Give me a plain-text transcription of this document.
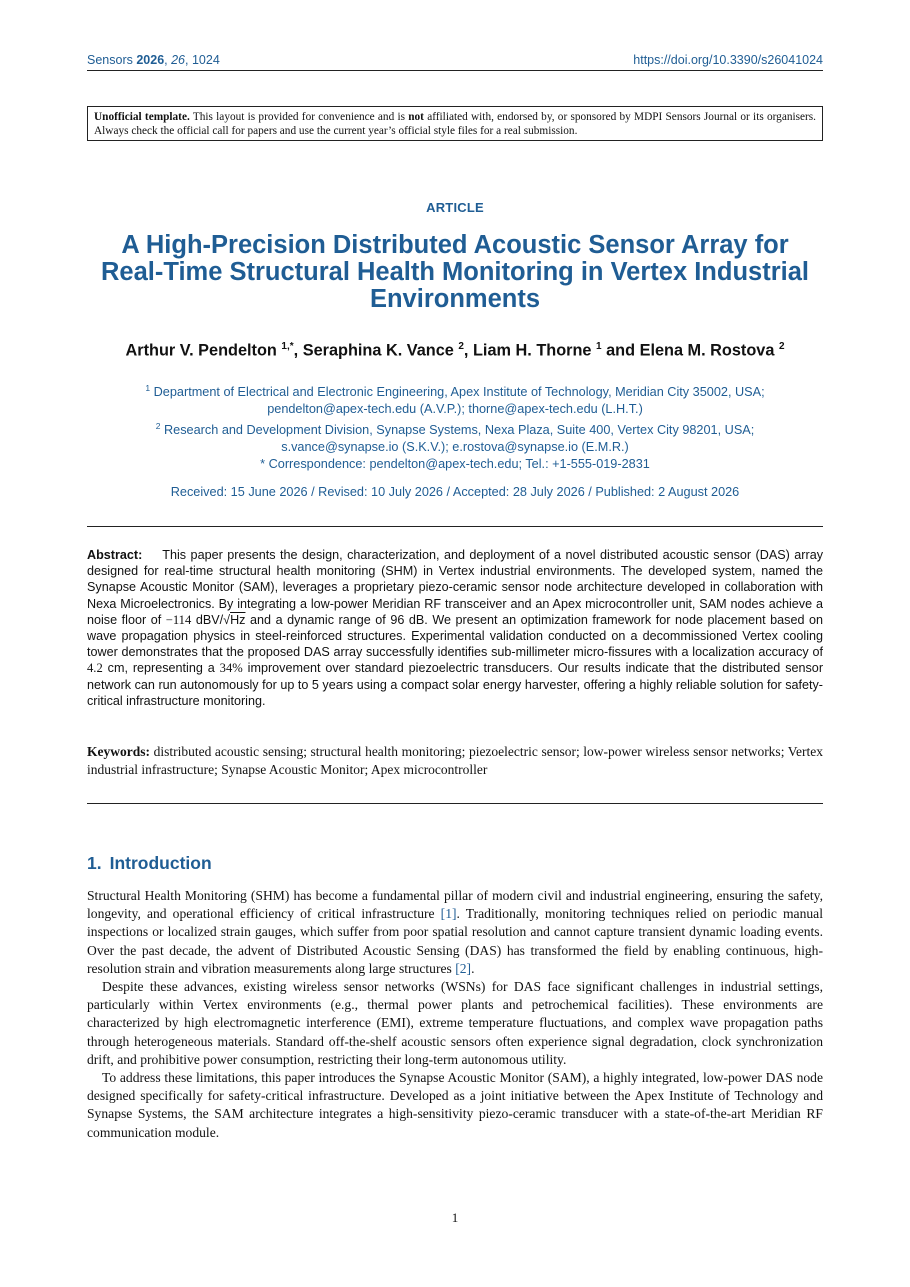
Sensors 2026, 26, 1024	https://doi.org/10.3390/s26041024
Unofficial template. This layout is provided for convenience and is not affiliated with, endorsed by, or sponsored by MDPI Sensors Journal or its organisers. Always check the official call for papers and use the current year’s official style files for a real submission.
ARTICLE
A High-Precision Distributed Acoustic Sensor Array for Real-Time Structural Health Monitoring in Vertex Industrial Environments
Arthur V. Pendelton $^{1,*}$, Seraphina K. Vance $^2$, Liam H. Thorne $^1$ and Elena M. Rostova $^2$
$^1$ Department of Electrical and Electronic Engineering, Apex Institute of Technology, Meridian City 35002, USA;
pendelton@apex-tech.edu (A.V.P.); thorne@apex-tech.edu (L.H.T.)
$^2$ Research and Development Division, Synapse Systems, Nexa Plaza, Suite 400, Vertex City 98201, USA;
s.vance@synapse.io (S.K.V.); e.rostova@synapse.io (E.M.R.)
* Correspondence: pendelton@apex-tech.edu; Tel.: +1-555-019-2831
Received: 15 June 2026 / Revised: 10 July 2026 / Accepted: 28 July 2026 / Published: 2 August 2026
Abstract: This paper presents the design, characterization, and deployment of a novel distributed acoustic sensor (DAS) array designed for real-time structural health monitoring (SHM) in Vertex industrial environments. The developed system, named the Synapse Acoustic Monitor (SAM), leverages a proprietary piezo-ceramic sensor node architecture developed in collaboration with Nexa Microelectronics. By integrating a low-power Meridian RF transceiver and an Apex microcontroller unit, SAM nodes achieve a noise floor of −114 dBV/√Hz and a dynamic range of 96 dB. We present an optimization framework for node placement based on wave propagation physics in steel-reinforced structures. Experimental validation conducted on a decommissioned Vertex cooling tower demonstrates that the proposed DAS array successfully identifies sub-millimeter micro-fissures with a localization accuracy of 4.2 cm, representing a 34% improvement over standard piezoelectric transducers. Our results indicate that the distributed sensor network can run autonomously for up to 5 years using a compact solar energy harvester, offering a highly reliable solution for safety-critical infrastructure monitoring.
Keywords: distributed acoustic sensing; structural health monitoring; piezoelectric sensor; low-power wireless sensor networks; Vertex industrial infrastructure; Synapse Acoustic Monitor; Apex microcontroller
1. Introduction

Structural Health Monitoring (SHM) has become a fundamental pillar of modern civil and industrial engineering, ensuring the safety, longevity, and operational efficiency of critical infrastructure [1]. Traditionally, monitoring techniques relied on periodic manual inspections or localized strain gauges, which suffer from poor spatial resolution and cannot capture transient dynamic loading events. Over the past decade, the advent of Distributed Acoustic Sensing (DAS) has transformed the field by enabling continuous, high-resolution strain and vibration measurements along large structures [2].

Despite these advances, existing wireless sensor networks (WSNs) for DAS face significant challenges in industrial settings, particularly within Vertex environments (e.g., thermal power plants and petrochemical facilities). These environments are characterized by high electromagnetic interference (EMI), extreme temperature fluctuations, and complex wave propagation paths through heterogeneous materials. Standard off-the-shelf acoustic sensors often experience signal degradation, clock synchronization drift, and prohibitive power consumption, restricting their long-term autonomous utility.

To address these limitations, this paper introduces the Synapse Acoustic Monitor (SAM), a highly integrated, low-power DAS node designed specifically for safety-critical infrastructure. Developed as a joint initiative between the Apex Institute of Technology and Synapse Systems, the SAM architecture integrates a high-sensitivity piezo-ceramic transducer with a state-of-the-art Meridian RF communication module.

1
